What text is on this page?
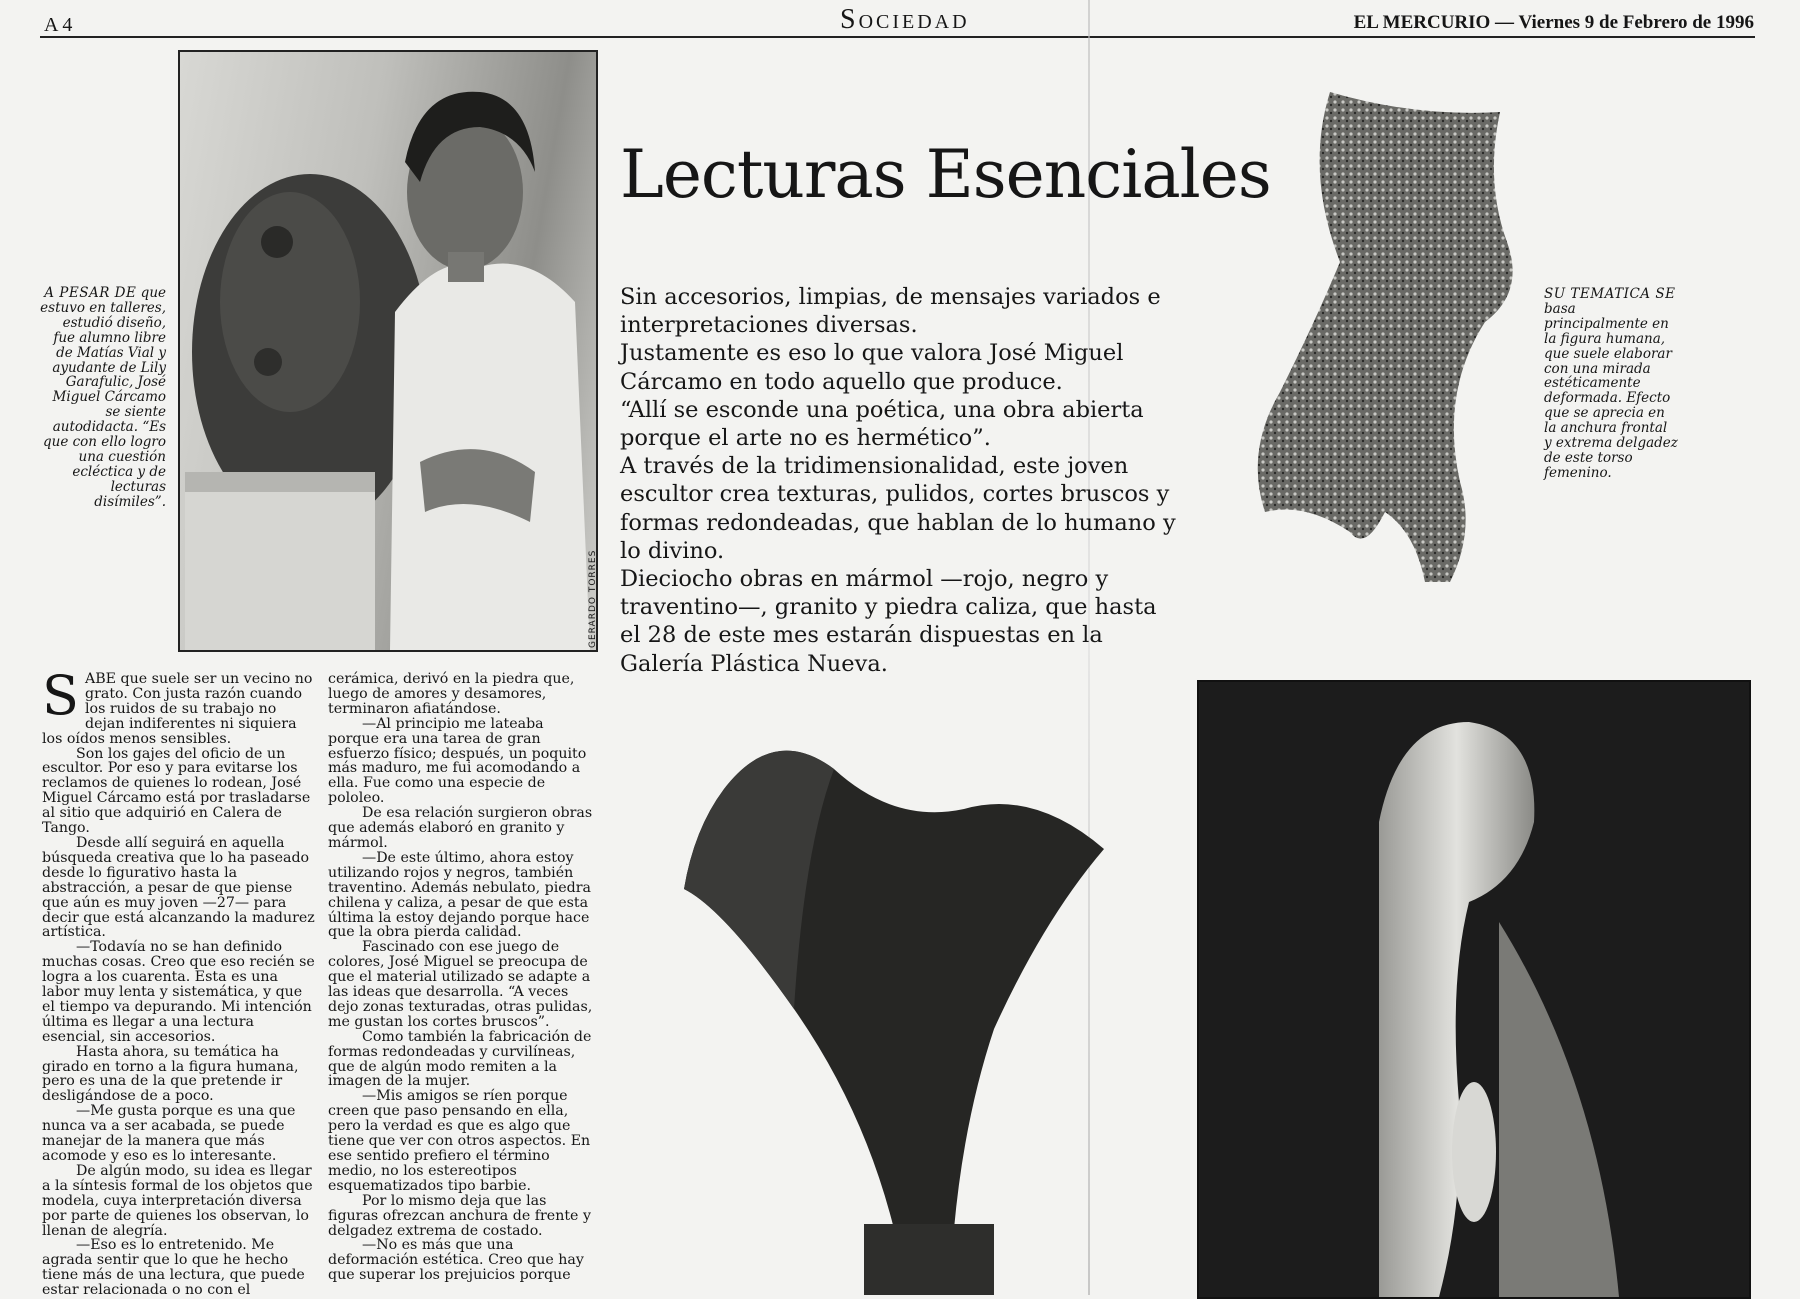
A 4	Sociedad	EL MERCURIO — Viernes 9 de Febrero de 1996
GERARDO TORRES
A PESAR DE que estuvo en talleres, estudió diseño, fue alumno libre de Matías Vial y ayudante de Lily Garafulic, José Miguel Cárcamo se siente autodidacta. “Es que con ello logro una cuestión ecléctica y de lecturas disímiles”.
Lecturas Esenciales

Sin accesorios, limpias, de mensajes variados e interpretaciones diversas.

Justamente es eso lo que valora José Miguel Cárcamo en todo aquello que produce.

“Allí se esconde una poética, una obra abierta porque el arte no es hermético”.

A través de la tridimensionalidad, este joven escultor crea texturas, pulidos, cortes bruscos y formas redondeadas, que hablan de lo humano y lo divino.

Dieciocho obras en mármol —rojo, negro y traventino—, granito y piedra caliza, que hasta el 28 de este mes estarán dispuestas en la Galería Plástica Nueva.

SU TEMATICA SE basa principalmente en la figura humana, que suele elaborar con una mirada estéticamente deformada. Efecto que se aprecia en la anchura frontal y extrema delgadez de este torso femenino.

SABE que suele ser un vecino no grato. Con justa razón cuando los ruidos de su trabajo no dejan indiferentes ni siquiera los oídos menos sensibles.

Son los gajes del oficio de un escultor. Por eso y para evitarse los reclamos de quienes lo rodean, José Miguel Cárcamo está por trasladarse al sitio que adquirió en Calera de Tango.

Desde allí seguirá en aquella búsqueda creativa que lo ha paseado desde lo figurativo hasta la abstracción, a pesar de que piense que aún es muy joven —27— para decir que está alcanzando la madurez artística.

—Todavía no se han definido muchas cosas. Creo que eso recién se logra a los cuarenta. Esta es una labor muy lenta y sistemática, y que el tiempo va depurando. Mi intención última es llegar a una lectura esencial, sin accesorios.

Hasta ahora, su temática ha girado en torno a la figura humana, pero es una de la que pretende ir desligándose de a poco.

—Me gusta porque es una que nunca va a ser acabada, se puede manejar de la manera que más acomode y eso es lo interesante.

De algún modo, su idea es llegar a la síntesis formal de los objetos que modela, cuya interpretación diversa por parte de quienes los observan, lo llenan de alegría.

—Eso es lo entretenido. Me agrada sentir que lo que he hecho tiene más de una lectura, que puede estar relacionada o no con el

cerámica, derivó en la piedra que, luego de amores y desamores, terminaron afiatándose.

—Al principio me lateaba porque era una tarea de gran esfuerzo físico; después, un poquito más maduro, me fui acomodando a ella. Fue como una especie de pololeo.

De esa relación surgieron obras que además elaboró en granito y mármol.

—De este último, ahora estoy utilizando rojos y negros, también traventino. Además nebulato, piedra chilena y caliza, a pesar de que esta última la estoy dejando porque hace que la obra pierda calidad.

Fascinado con ese juego de colores, José Miguel se preocupa de que el material utilizado se adapte a las ideas que desarrolla. “A veces dejo zonas texturadas, otras pulidas, me gustan los cortes bruscos”.

Como también la fabricación de formas redondeadas y curvilíneas, que de algún modo remiten a la imagen de la mujer.

—Mis amigos se ríen porque creen que paso pensando en ella, pero la verdad es que es algo que tiene que ver con otros aspectos. En ese sentido prefiero el término medio, no los estereotipos esquematizados tipo barbie.

Por lo mismo deja que las figuras ofrezcan anchura de frente y delgadez extrema de costado.

—No es más que una deformación estética. Creo que hay que superar los prejuicios porque
